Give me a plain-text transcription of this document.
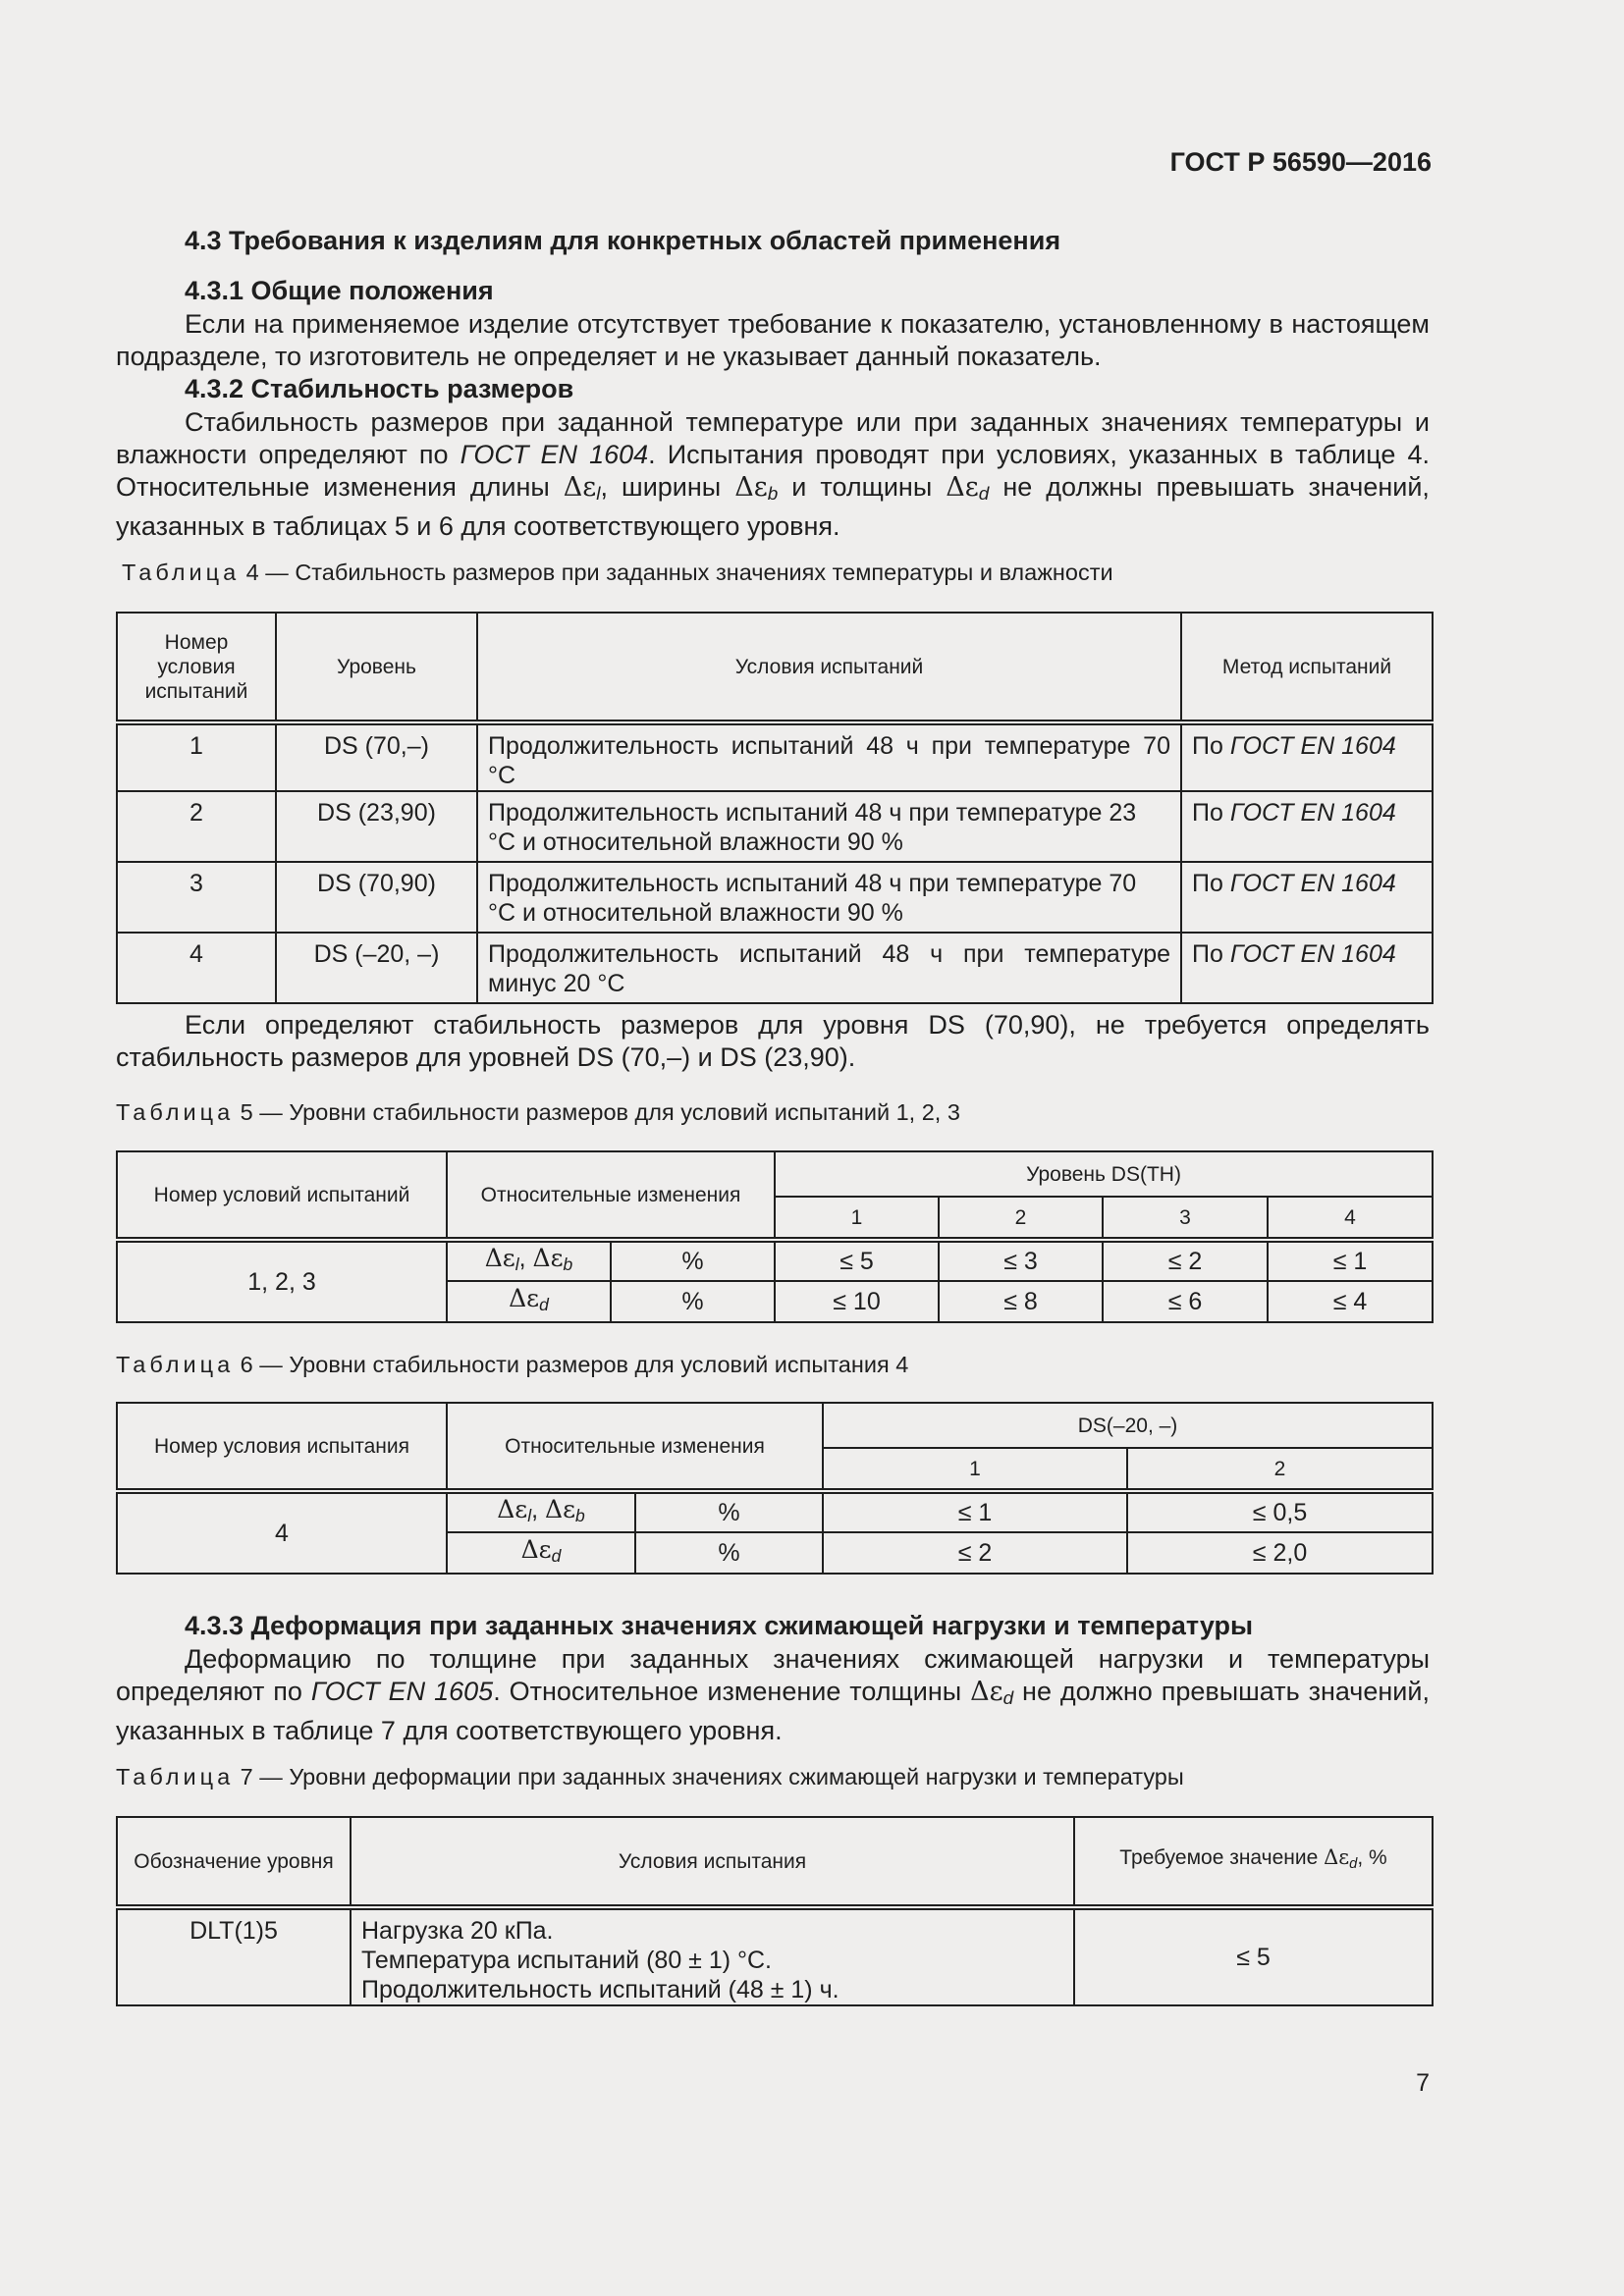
ГОСТ Р 56590—2016
4.3 Требования к изделиям для конкретных областей применения
4.3.1 Общие положения
Если на применяемое изделие отсутствует требование к показателю, установленному в настоящем подразделе, то изготовитель не определяет и не указывает данный показатель.
4.3.2 Стабильность размеров
Стабильность размеров при заданной температуре или при заданных значениях температуры и влажности определяют по ГОСТ EN 1604. Испытания проводят при условиях, указанных в таблице 4. Относительные изменения длины $\Delta\varepsilon_l$, ширины $\Delta\varepsilon_b$ и толщины $\Delta\varepsilon_d$ не должны превышать значений, указанных в таблицах 5 и 6 для соответствующего уровня.
Таблица 4 — Стабильность размеров при заданных значениях температуры и влажности
Номер условия испытаний	Уровень	Условия испытаний	Метод испытаний
1	DS (70,–)	Продолжительность испытаний 48 ч при температуре 70 °C	По ГОСТ EN 1604
2	DS (23,90)	Продолжительность испытаний 48 ч при температуре 23 °C и относительной влажности 90 %	По ГОСТ EN 1604
3	DS (70,90)	Продолжительность испытаний 48 ч при температуре 70 °C и относительной влажности 90 %	По ГОСТ EN 1604
4	DS (–20, –)	Продолжительность испытаний 48 ч при температуре минус 20 °C	По ГОСТ EN 1604
Если определяют стабильность размеров для уровня DS (70,90), не требуется определять стабильность размеров для уровней DS (70,–) и DS (23,90).
Таблица 5 — Уровни стабильности размеров для условий испытаний 1, 2, 3
Номер условий испытаний	Относительные изменения		Уровень DS(TH)			
			1	2	3	4
1, 2, 3	$\Delta\varepsilon_l$, $\Delta\varepsilon_b$	%	≤ 5	≤ 3	≤ 2	≤ 1
	$\Delta\varepsilon_d$	%	≤ 10	≤ 8	≤ 6	≤ 4
Таблица 6 — Уровни стабильности размеров для условий испытания 4
Номер условия испытания	Относительные изменения		DS(–20, –)	
			1	2
4	$\Delta\varepsilon_l$, $\Delta\varepsilon_b$	%	≤ 1	≤ 0,5
	$\Delta\varepsilon_d$	%	≤ 2	≤ 2,0
4.3.3 Деформация при заданных значениях сжимающей нагрузки и температуры
Деформацию по толщине при заданных значениях сжимающей нагрузки и температуры определяют по ГОСТ EN 1605. Относительное изменение толщины $\Delta\varepsilon_d$ не должно превышать значений, указанных в таблице 7 для соответствующего уровня.
Таблица 7 — Уровни деформации при заданных значениях сжимающей нагрузки и температуры
Обозначение уровня	Условия испытания	Требуемое значение $\Delta\varepsilon_d$, %
DLT(1)5	Нагрузка 20 кПа.
Температура испытаний (80 ± 1) °C.
Продолжительность испытаний (48 ± 1) ч.	≤ 5
7
